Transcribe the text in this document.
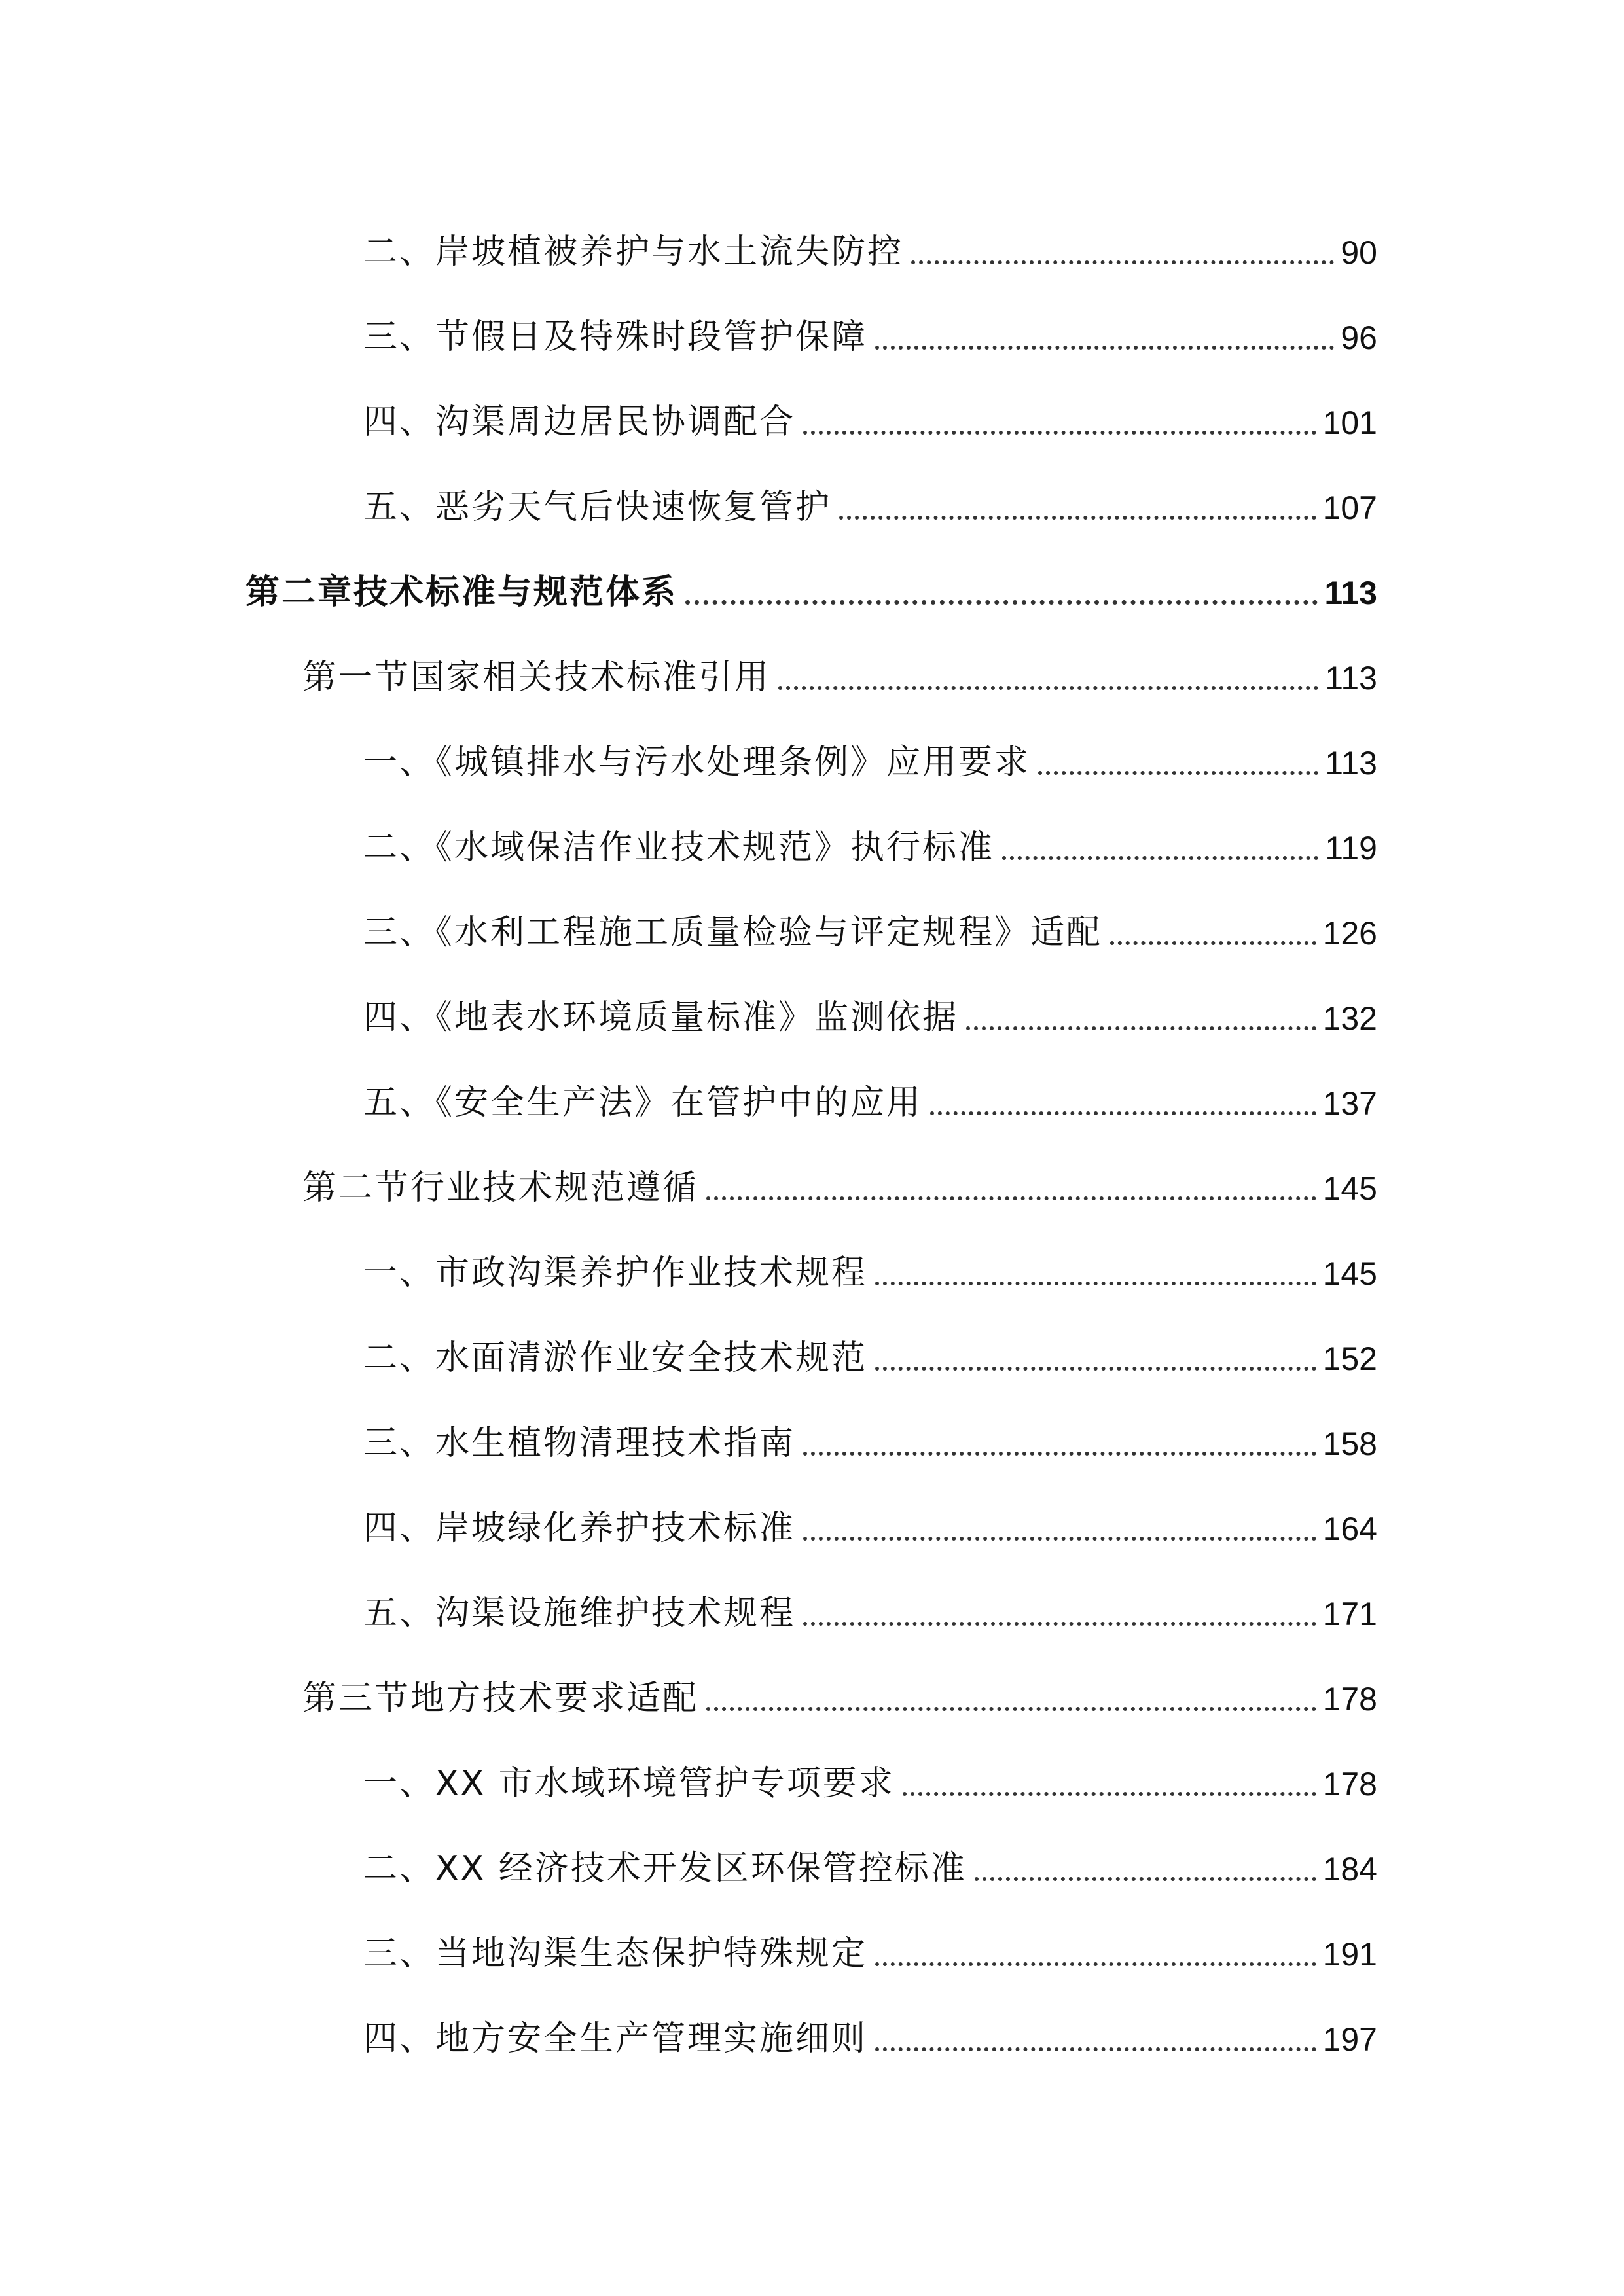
二、岸坡植被养护与水土流失防控	90
三、节假日及特殊时段管护保障	96
四、沟渠周边居民协调配合	101
五、恶劣天气后快速恢复管护	107
第二章技术标准与规范体系	113
第一节国家相关技术标准引用	113
一、《城镇排水与污水处理条例》应用要求	113
二、《水域保洁作业技术规范》执行标准	119
三、《水利工程施工质量检验与评定规程》适配	126
四、《地表水环境质量标准》监测依据	132
五、《安全生产法》在管护中的应用	137
第二节行业技术规范遵循	145
一、市政沟渠养护作业技术规程	145
二、水面清淤作业安全技术规范	152
三、水生植物清理技术指南	158
四、岸坡绿化养护技术标准	164
五、沟渠设施维护技术规程	171
第三节地方技术要求适配	178
一、XX 市水域环境管护专项要求	178
二、XX 经济技术开发区环保管控标准	184
三、当地沟渠生态保护特殊规定	191
四、地方安全生产管理实施细则	197
